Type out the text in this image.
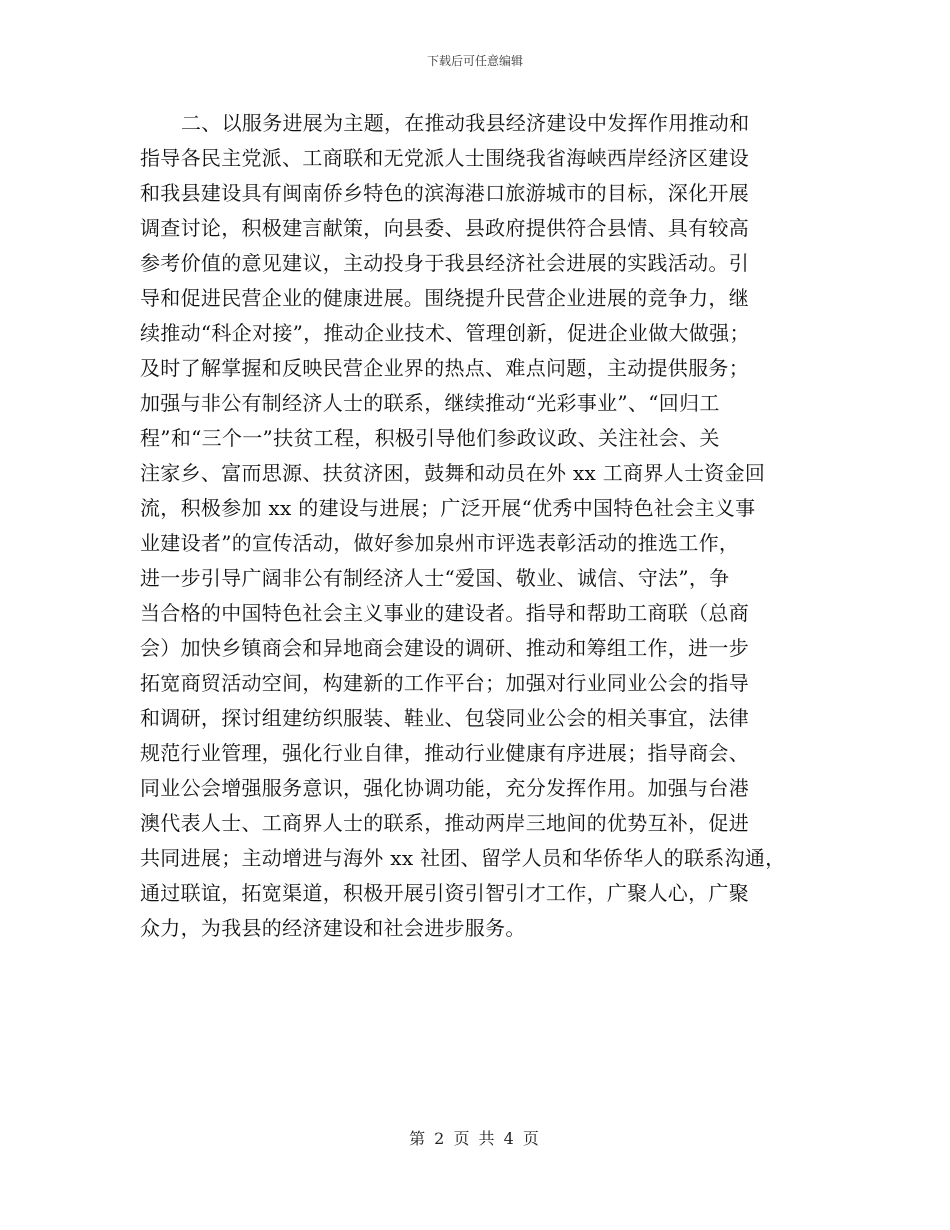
下载后可任意编辑
二、以服务进展为主题，在推动我县经济建设中发挥作用推动和
指导各民主党派、工商联和无党派人士围绕我省海峡西岸经济区建设
和我县建设具有闽南侨乡特色的滨海港口旅游城市的目标，深化开展
调查讨论，积极建言献策，向县委、县政府提供符合县情、具有较高
参考价值的意见建议，主动投身于我县经济社会进展的实践活动。引
导和促进民营企业的健康进展。围绕提升民营企业进展的竞争力，继
续推动“科企对接”，推动企业技术、管理创新，促进企业做大做强；
及时了解掌握和反映民营企业界的热点、难点问题，主动提供服务；
加强与非公有制经济人士的联系，继续推动“光彩事业”、“回归工
程”和“三个一”扶贫工程，积极引导他们参政议政、关注社会、关
注家乡、富而思源、扶贫济困，鼓舞和动员在外 xx 工商界人士资金回
流，积极参加 xx 的建设与进展；广泛开展“优秀中国特色社会主义事
业建设者”的宣传活动，做好参加泉州市评选表彰活动的推选工作，
进一步引导广阔非公有制经济人士“爱国、敬业、诚信、守法”，争
当合格的中国特色社会主义事业的建设者。指导和帮助工商联（总商
会）加快乡镇商会和异地商会建设的调研、推动和筹组工作，进一步
拓宽商贸活动空间，构建新的工作平台；加强对行业同业公会的指导
和调研，探讨组建纺织服装、鞋业、包袋同业公会的相关事宜，法律
规范行业管理，强化行业自律，推动行业健康有序进展；指导商会、
同业公会增强服务意识，强化协调功能，充分发挥作用。加强与台港
澳代表人士、工商界人士的联系，推动两岸三地间的优势互补，促进
共同进展；主动增进与海外 xx 社团、留学人员和华侨华人的联系沟通，
通过联谊，拓宽渠道，积极开展引资引智引才工作，广聚人心，广聚
众力，为我县的经济建设和社会进步服务。
第 2 页 共 4 页
